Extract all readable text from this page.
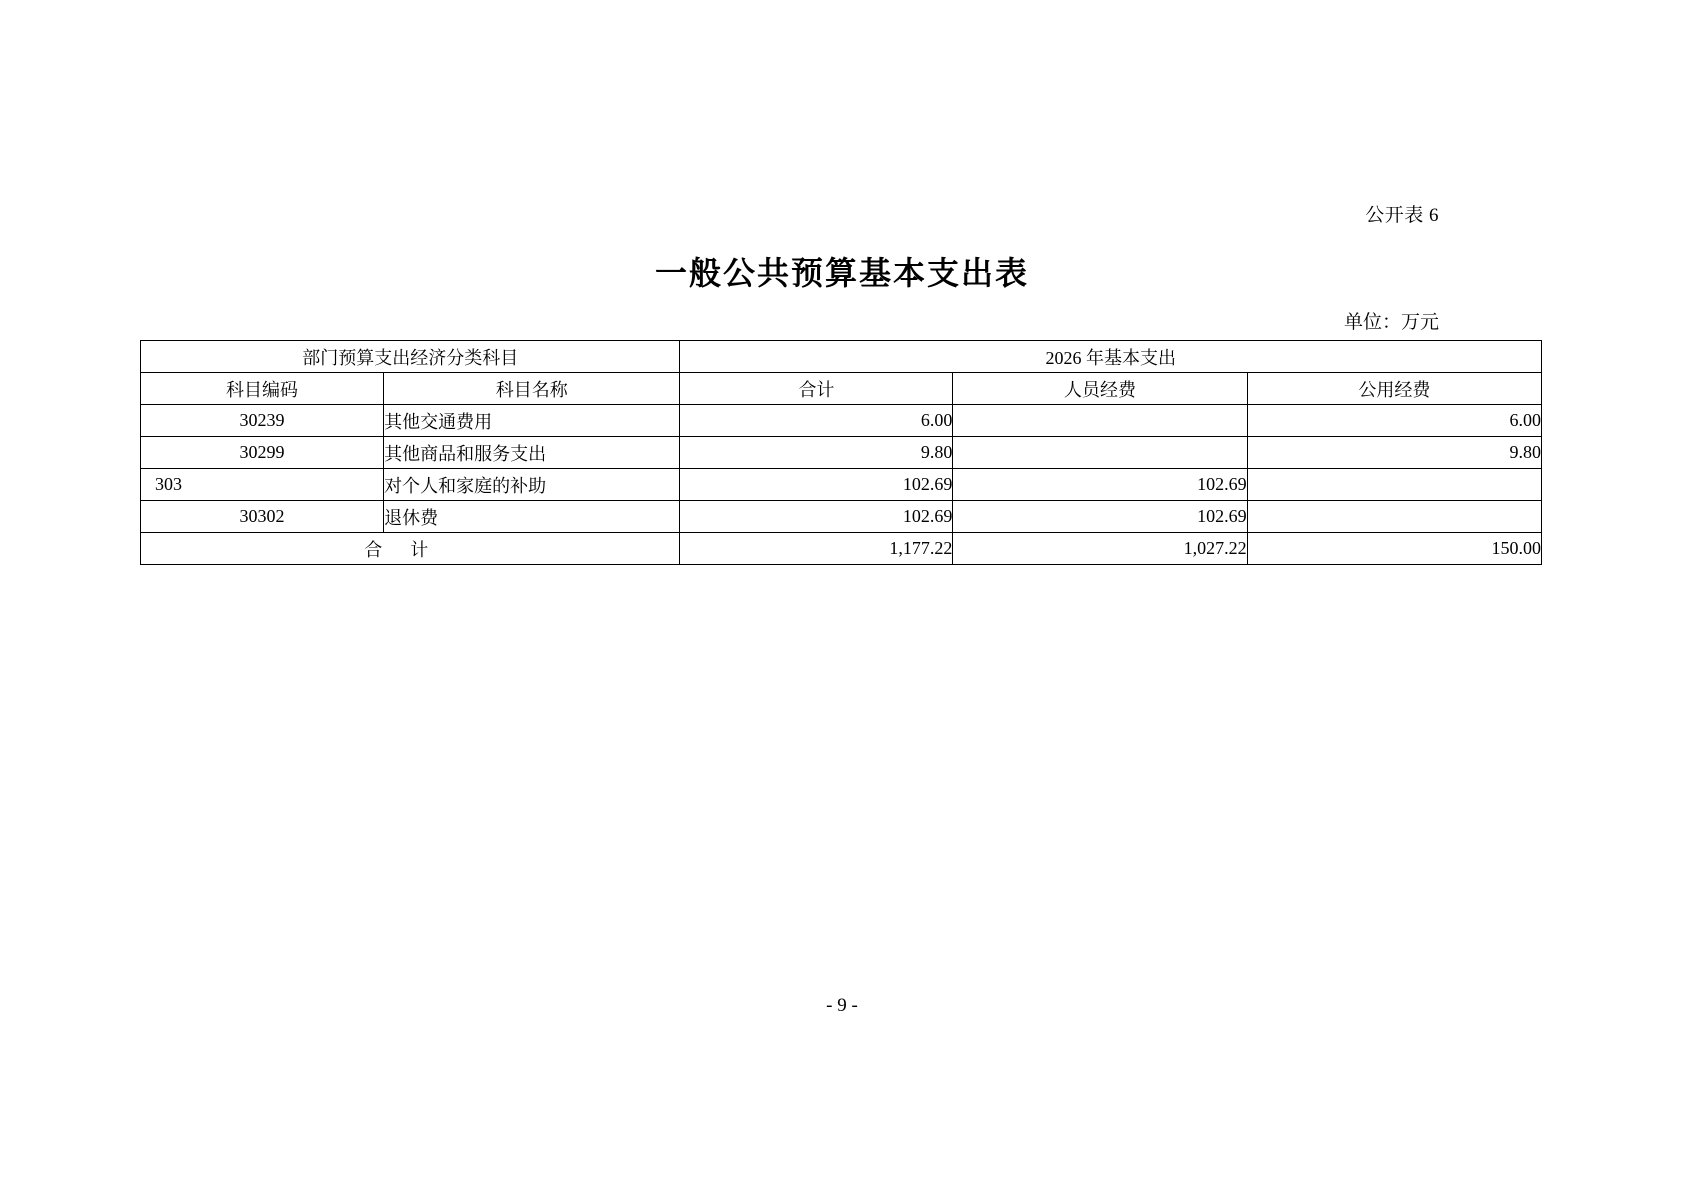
公开表 6
一般公共预算基本支出表
单位：万元
部门预算支出经济分类科目		2026 年基本支出		
科目编码	科目名称	合计	人员经费	公用经费
30239	其他交通费用	6.00		6.00
30299	其他商品和服务支出	9.80		9.80
303	对个人和家庭的补助	102.69	102.69	
30302	退休费	102.69	102.69	
合计		1,177.22	1,027.22	150.00
- 9 -
